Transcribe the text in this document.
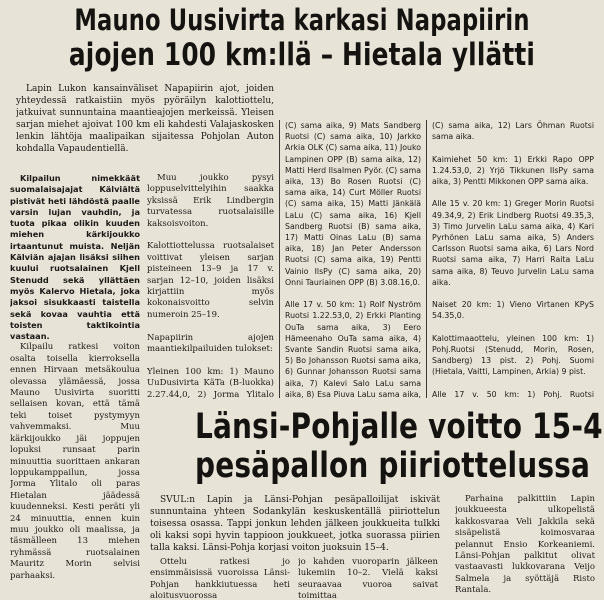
Mauno Uusivirta karkasi Napapiirin
ajojen 100 km:llä – Hietala yllätti

Lapin Lukon kansainväliset Napapiirin ajot, joiden yhteydessä ratkaistiin myös pyöräilyn kalottiottelu, jatkuivat sunnuntaina maantieajojen merkeissä. Yleisen sarjan miehet ajoivat 100 km eli kahdesti Valajaskosken lenkin lähtöja maalipaikan sijaitessa Pohjolan Auton kohdalla Vapaudentiellä.

Kilpailun nimekkäät suomalaisajajat Kälviältä pistivät heti lähdöstä paalle varsin lujan vauhdin, ja tuota pikaa olikin kuuden miehen kärkijoukko irtaantunut muista. Neljän Kälviän ajajan lisäksi siihen kuului ruotsalainen Kjell Stenudd sekä yllättäen myös Kalervo Hietala, joka jaksoi sisukkaasti taistella sekä kovaa vauhtia että toisten taktikointia vastaan.

Kilpailu ratkesi voiton osalta toisella kierroksella ennen Hirvaan metsäkoulua olevassa ylämäessä, jossa Mauno Uusivirta suoritti sellaisen kovan, että tämä teki toiset pystymyyn vahvemmaksi. Muu kärkijoukko jäi joppujen lopuksi runsaat parin minuuttia suorittaen ankaran loppukamppailun, jossa Jorma Ylitalo oli paras Hietalan jäädessä kuudenneksi. Kesti peräti yli 24 minuuttia, ennen kuin muu joukko oli maalissa, ja täsmälleen 13 miehen ryhmässä ruotsalainen Mauritz Morin selvisi parhaaksi.

Muu joukko pysyi loppuselvittelyihin saakka yksissä Erik Lindbergin turvatessa ruotsalaisille kaksoisvoiton.

Kalottiottelussa ruotsalaiset voittivat yleisen sarjan pisteineen 13–9 ja 17 v. sarjan 12–10, joiden lisäksi kirjattiin myös kokonaisvoitto selvin numeroin 25–19.

Napapiirin ajojen maantiekilpailuiden tulokset:

Yleinen 100 km: 1) Mauno UuDusivirta KäTa (B-luokka) 2.27.44,0, 2) Jorma Ylitalo

(C) sama aika, 9) Mats Sandberg Ruotsi (C) sama aika, 10) Jarkko Arkia OLK (C) sama aika, 11) Jouko Lampinen OPP (B) sama aika, 12) Matti Herd Ilsalmen Pyör. (C) sama aika, 13) Bo Rosen Ruotsi (C) sama aika, 14) Curt Möller Ruotsi (C) sama aika, 15) Matti Jänkälä LaLu (C) sama aika, 16) Kjell Sandberg Ruotsi (B) sama aika, 17) Matti Oinas LaLu (B) sama aika, 18) Jan Peter Andersson Ruotsi (C) sama aika, 19) Pentti Vainio IlsPy (C) sama aika, 20) Onni Tauriainen OPP (B) 3.08.16,0.

Alle 17 v. 50 km: 1) Rolf Nyström Ruotsi 1.22.53,0, 2) Erkki Planting OuTa sama aika, 3) Eero Hämeenaho OuTa sama aika, 4) Svante Sandin Ruotsi sama aika, 5) Bo Johansson Ruotsi sama aika, 6) Gunnar Johansson Ruotsi sama aika, 7) Kalevi Salo LaLu sama aika, 8) Esa Piuva LaLu sama aika,

(C) sama aika, 12) Lars Öhman Ruotsi sama aika.

Kaimiehet 50 km: 1) Erkki Rapo OPP 1.24.53,0, 2) Yrjö Tikkunen IlsPy sama aika, 3) Pentti Mikkonen OPP sama aika.

Alle 15 v. 20 km: 1) Greger Morin Ruotsi 49.34,9, 2) Erik Lindberg Ruotsi 49.35,3, 3) Timo Jurvelin LaLu sama aika, 4) Kari Pyrhönen LaLu sama aika, 5) Anders Carlsson Ruotsi sama aika, 6) Lars Nord Ruotsi sama aika, 7) Harri Raita LaLu sama aika, 8) Teuvo Jurvelin LaLu sama aika.

Naiset 20 km: 1) Vieno Virtanen KPyS 54.35,0.

Kalottimaaottelu, yleinen 100 km: 1) Pohj.Ruotsi (Stenudd, Morin, Rosen, Sandberg) 13 pist. 2) Pohj. Suomi (Hietala, Vaitti, Lampinen, Arkia) 9 pist.

Alle 17 v. 50 km: 1) Pohj. Ruotsi

Länsi-Pohjalle voitto 15-4
pesäpallon piiriottelussa

SVUL:n Lapin ja Länsi-Pohjan pesäpalloilijat iskivät sunnuntaina yhteen Sodankylän keskuskentällä piiriottelun toisessa osassa. Tappi jonkun lehden jälkeen joukkueita tulkki oli kaksi sopi hyvin tappioon joukkueet, jotka suorassa piirien talla kaksi. Länsi-Pohja korjasi voiton juoksuin 15–4.

Ottelu ratkesi jo ensimmäisissä vuoroissa Länsi-Pohjan hankkiutuessa heti aloitusvuorossa

jo kahden vuoroparin jälkeen lukemiin 10–2. Vielä kaksi seuraavaa vuoroa saivat toimittaa

Parhaina palkittiin Lapin joukkueesta ulkopelistä kakkosvaraa Veli Jakkila sekä sisäpelistä koimosvaraa pelannut Ensio Korkeaniemi. Länsi-Pohjan palkitut olivat vastaavasti lukkovarana Veijo Salmela ja syöttäjä Risto Rantala.
